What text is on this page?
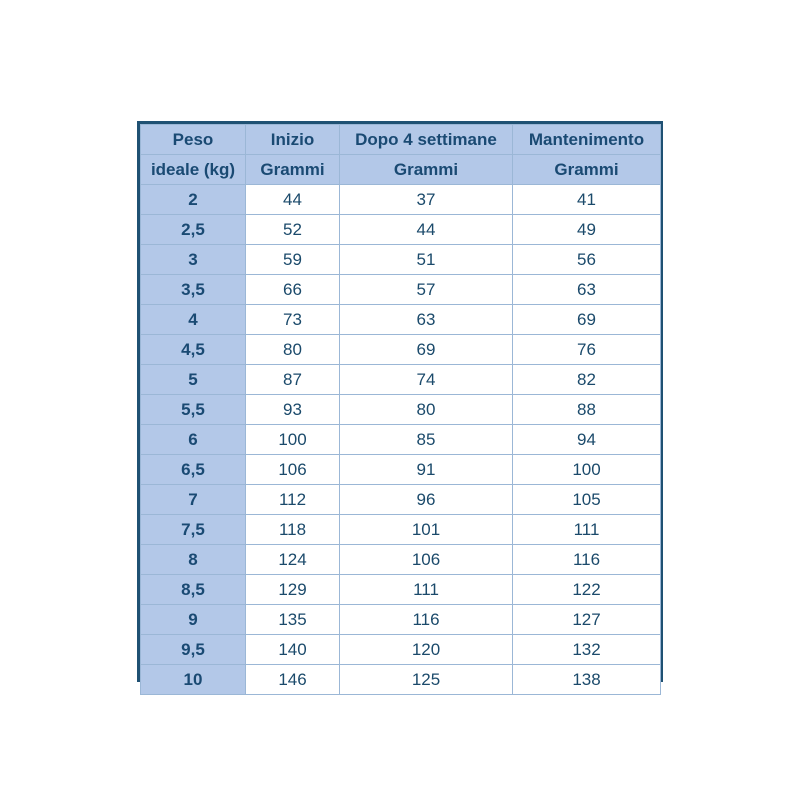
Peso	Inizio	Dopo 4 settimane	Mantenimento
ideale (kg)	Grammi	Grammi	Grammi
2	44	37	41
2,5	52	44	49
3	59	51	56
3,5	66	57	63
4	73	63	69
4,5	80	69	76
5	87	74	82
5,5	93	80	88
6	100	85	94
6,5	106	91	100
7	112	96	105
7,5	118	101	111
8	124	106	116
8,5	129	111	122
9	135	116	127
9,5	140	120	132
10	146	125	138
